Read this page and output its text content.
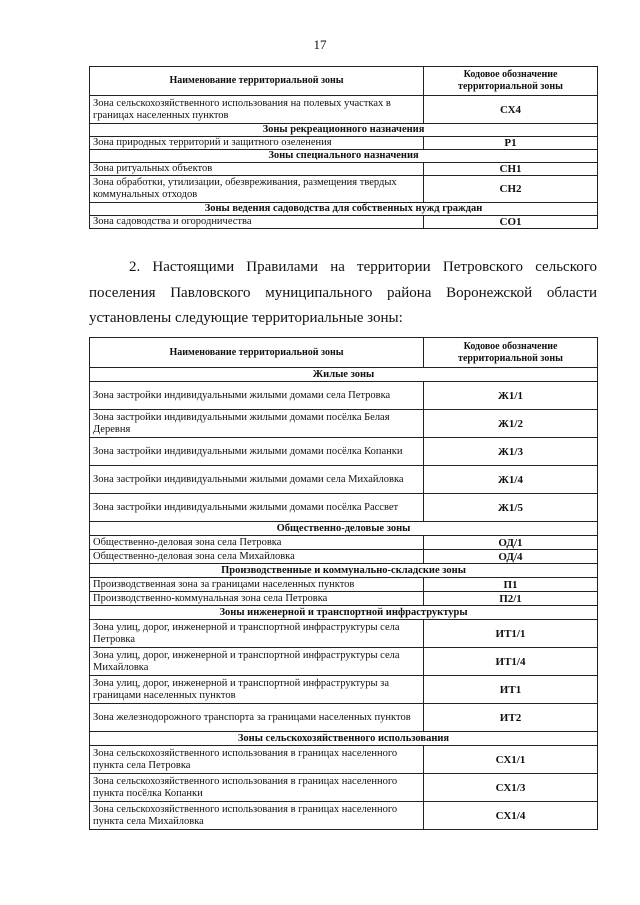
17
Наименование территориальной зоны	Кодовое обозначение территориальной зоны
Зона сельскохозяйственного использования на полевых участках в границах населенных пунктов	СХ4
Зоны рекреационного назначения	
Зона природных территорий и защитного озеленения	Р1
Зоны специального назначения	
Зона ритуальных объектов	СН1
Зона обработки, утилизации, обезвреживания, размещения твердых коммунальных отходов	СН2
Зоны ведения садоводства для собственных нужд граждан	
Зона садоводства и огородничества	СО1

2. Настоящими Правилами на территории Петровского сельского поселения Павловского муниципального района Воронежской области установлены следующие территориальные зоны:

Наименование территориальной зоны	Кодовое обозначение территориальной зоны
Жилые зоны	
Зона застройки индивидуальными жилыми домами села Петровка	Ж1/1
Зона застройки индивидуальными жилыми домами посёлка Белая Деревня	Ж1/2
Зона застройки индивидуальными жилыми домами посёлка Копанки	Ж1/3
Зона застройки индивидуальными жилыми домами села Михайловка	Ж1/4
Зона застройки индивидуальными жилыми домами посёлка Рассвет	Ж1/5
Общественно-деловые зоны	
Общественно-деловая зона села Петровка	ОД/1
Общественно-деловая зона села Михайловка	ОД/4
Производственные и коммунально-складские зоны	
Производственная зона за границами населенных пунктов	П1
Производственно-коммунальная зона села Петровка	П2/1
Зоны инженерной и транспортной инфраструктуры	
Зона улиц, дорог, инженерной и транспортной инфраструктуры села Петровка	ИТ1/1
Зона улиц, дорог, инженерной и транспортной инфраструктуры села Михайловка	ИТ1/4
Зона улиц, дорог, инженерной и транспортной инфраструктуры за границами населенных пунктов	ИТ1
Зона железнодорожного транспорта за границами населенных пунктов	ИТ2
Зоны сельскохозяйственного использования	
Зона сельскохозяйственного использования в границах населенного пункта села Петровка	СХ1/1
Зона сельскохозяйственного использования в границах населенного пункта посёлка Копанки	СХ1/3
Зона сельскохозяйственного использования в границах населенного пункта села Михайловка	СХ1/4
